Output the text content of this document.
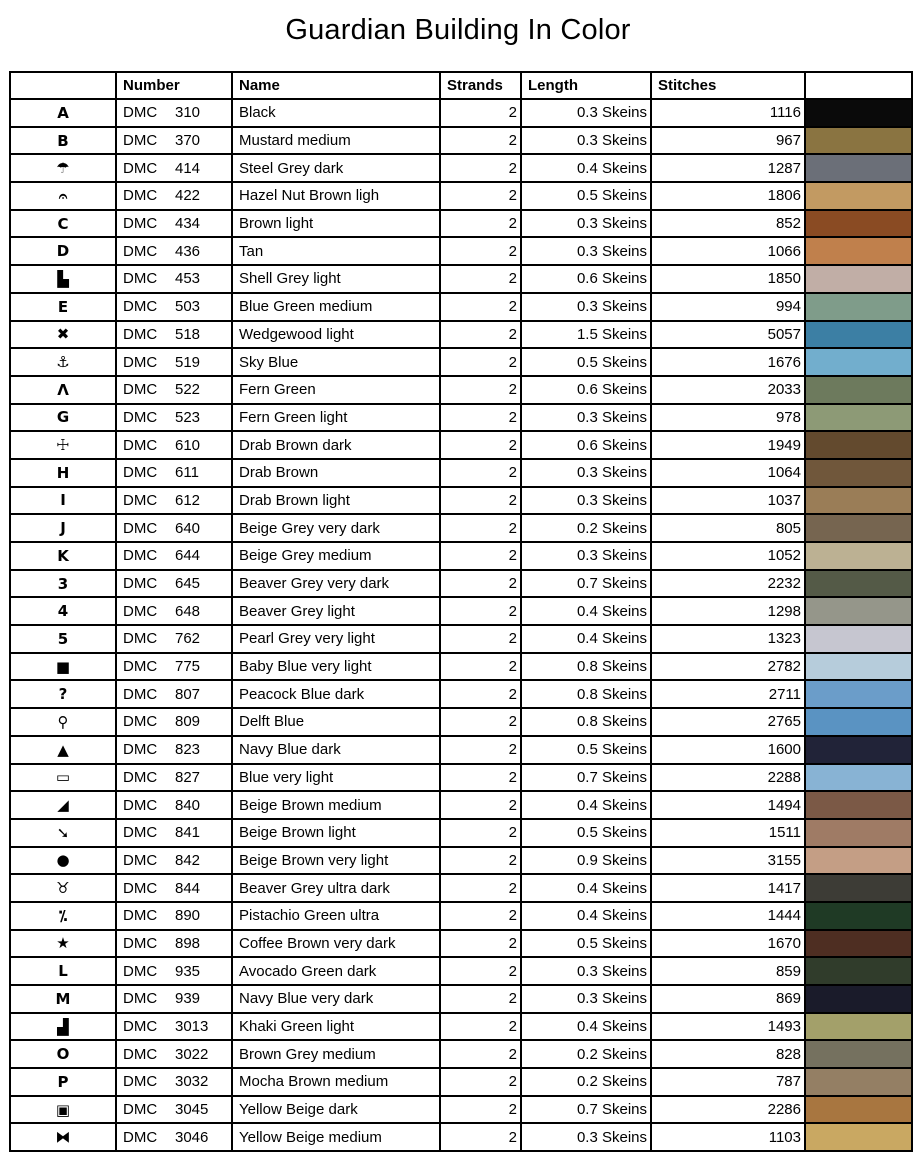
Guardian Building In Color
	Number	Name	Strands	Length	Stitches	
A	DMC 310	Black	2	0.3 Skeins	1116	

B	DMC 370	Mustard medium	2	0.3 Skeins	967	

☂	DMC 414	Steel Grey dark	2	0.4 Skeins	1287	

𝄐	DMC 422	Hazel Nut Brown ligh	2	0.5 Skeins	1806	

C	DMC 434	Brown light	2	0.3 Skeins	852	

D	DMC 436	Tan	2	0.3 Skeins	1066	

▙	DMC 453	Shell Grey light	2	0.6 Skeins	1850	

E	DMC 503	Blue Green medium	2	0.3 Skeins	994	

✖	DMC 518	Wedgewood light	2	1.5 Skeins	5057	

⚓	DMC 519	Sky Blue	2	0.5 Skeins	1676	

Λ	DMC 522	Fern Green	2	0.6 Skeins	2033	

G	DMC 523	Fern Green light	2	0.3 Skeins	978	

☩	DMC 610	Drab Brown dark	2	0.6 Skeins	1949	

H	DMC 611	Drab Brown	2	0.3 Skeins	1064	

I	DMC 612	Drab Brown light	2	0.3 Skeins	1037	

J	DMC 640	Beige Grey very dark	2	0.2 Skeins	805	

K	DMC 644	Beige Grey medium	2	0.3 Skeins	1052	

3	DMC 645	Beaver Grey very dark	2	0.7 Skeins	2232	

4	DMC 648	Beaver Grey light	2	0.4 Skeins	1298	

5	DMC 762	Pearl Grey very light	2	0.4 Skeins	1323	

■	DMC 775	Baby Blue very light	2	0.8 Skeins	2782	

?	DMC 807	Peacock Blue dark	2	0.8 Skeins	2711	

⚲	DMC 809	Delft Blue	2	0.8 Skeins	2765	

▲	DMC 823	Navy Blue dark	2	0.5 Skeins	1600	

▭	DMC 827	Blue very light	2	0.7 Skeins	2288	

◢	DMC 840	Beige Brown medium	2	0.4 Skeins	1494	

➘	DMC 841	Beige Brown light	2	0.5 Skeins	1511	

●	DMC 842	Beige Brown very light	2	0.9 Skeins	3155	

♉	DMC 844	Beaver Grey ultra dark	2	0.4 Skeins	1417	

⁒	DMC 890	Pistachio Green ultra	2	0.4 Skeins	1444	

★	DMC 898	Coffee Brown very dark	2	0.5 Skeins	1670	

L	DMC 935	Avocado Green dark	2	0.3 Skeins	859	

M	DMC 939	Navy Blue very dark	2	0.3 Skeins	869	

▟	DMC 3013	Khaki Green light	2	0.4 Skeins	1493	

O	DMC 3022	Brown Grey medium	2	0.2 Skeins	828	

P	DMC 3032	Mocha Brown medium	2	0.2 Skeins	787	

▣	DMC 3045	Yellow Beige dark	2	0.7 Skeins	2286	

⧓	DMC 3046	Yellow Beige medium	2	0.3 Skeins	1103	
